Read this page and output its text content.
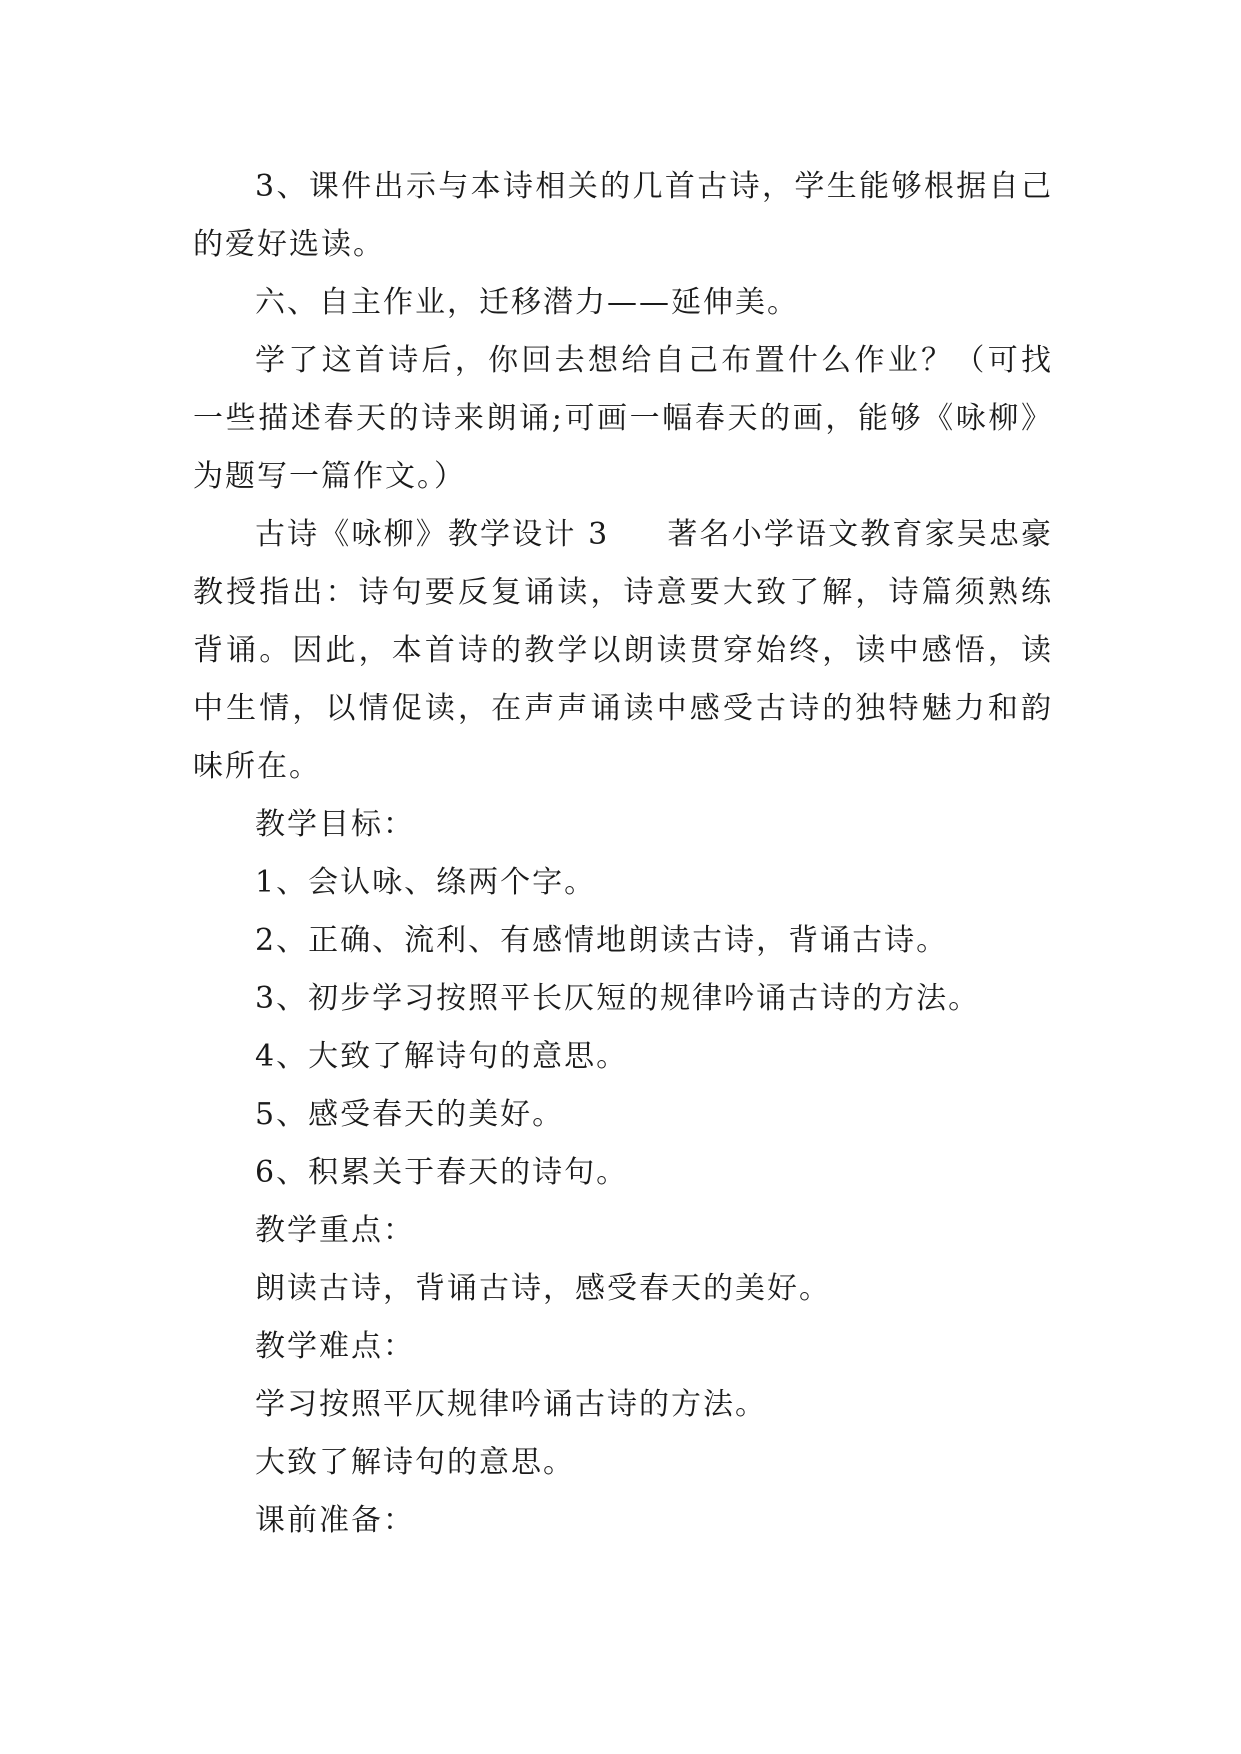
3、课件出示与本诗相关的几首古诗，学生能够根据自己的爱好选读。

六、自主作业，迁移潜力——延伸美。

学了这首诗后，你回去想给自己布置什么作业？（可找一些描述春天的诗来朗诵;可画一幅春天的画，能够《咏柳》为题写一篇作文。）

古诗《咏柳》教学设计 3 著名小学语文教育家吴忠豪教授指出：诗句要反复诵读，诗意要大致了解，诗篇须熟练背诵。因此，本首诗的教学以朗读贯穿始终，读中感悟，读中生情，以情促读，在声声诵读中感受古诗的独特魅力和韵味所在。

教学目标：

1、会认咏、绦两个字。

2、正确、流利、有感情地朗读古诗，背诵古诗。

3、初步学习按照平长仄短的规律吟诵古诗的方法。

4、大致了解诗句的意思。

5、感受春天的美好。

6、积累关于春天的诗句。

教学重点：

朗读古诗，背诵古诗，感受春天的美好。

教学难点：

学习按照平仄规律吟诵古诗的方法。

大致了解诗句的意思。

课前准备：
